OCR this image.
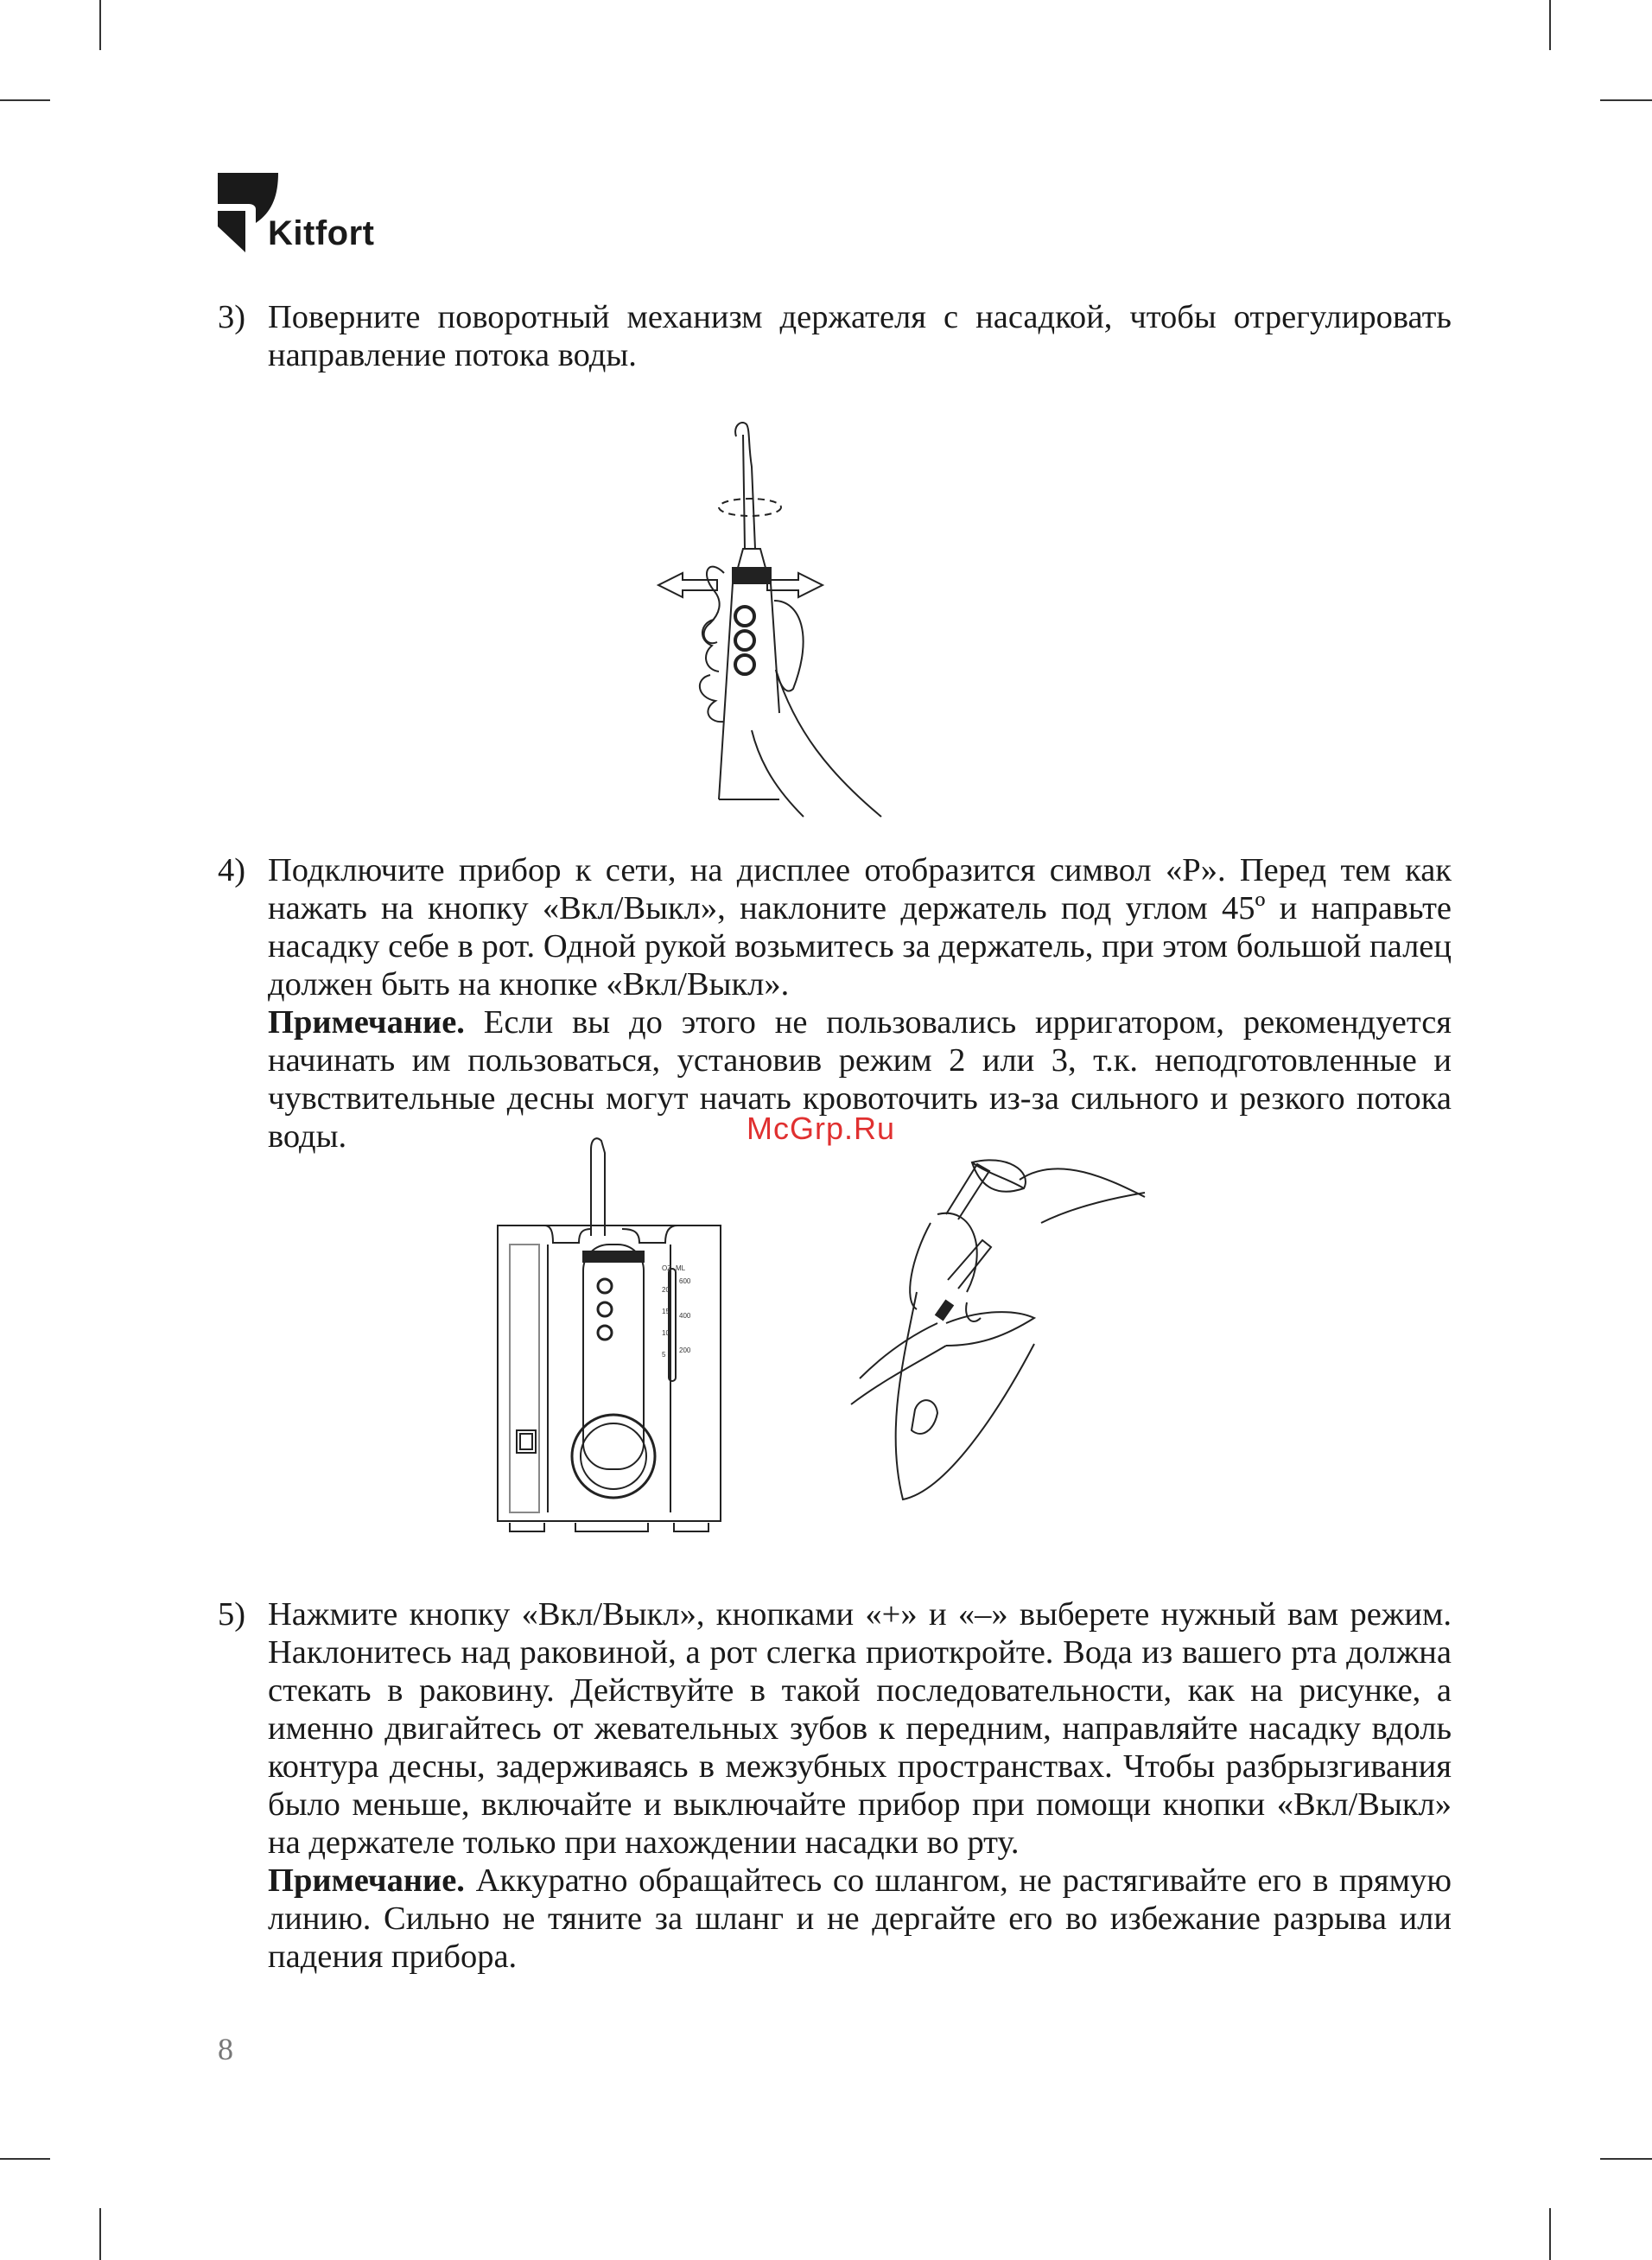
Kitfort
3) Поверните поворотный механизм держателя с насадкой, чтобы отрегулировать направление потока воды.

4) Подключите прибор к сети, на дисплее отобразится символ «P». Перед тем как нажать на кнопку «Вкл/Выкл», наклоните держатель под углом 45º и направьте насадку себе в рот. Одной рукой возьмитесь за держатель, при этом большой палец должен быть на кнопке «Вкл/Выкл».

Примечание. Если вы до этого не пользовались ирригатором, рекомендуется начинать им пользоваться, установив режим 2 или 3, т.к. неподготовленные и чувствительные десны могут начать кровоточить из-за сильного и резкого потока воды.	McGrp.Ru
OZ ML
20
15
10
5
600
400
200
5) Нажмите кнопку «Вкл/Выкл», кнопками «+» и «–» выберете нужный вам режим. Наклонитесь над раковиной, а рот слегка приоткройте. Вода из вашего рта должна стекать в раковину. Действуйте в такой последовательности, как на рисунке, а именно двигайтесь от жевательных зубов к передним, направляйте насадку вдоль контура десны, задерживаясь в межзубных пространствах. Чтобы разбрызгивания было меньше, включайте и выключайте прибор при помощи кнопки «Вкл/Выкл» на держателе только при нахождении насадки во рту.

Примечание. Аккуратно обращайтесь со шлангом, не растягивайте его в прямую линию. Сильно не тяните за шланг и не дергайте его во избежание разрыва или падения прибора.

8
